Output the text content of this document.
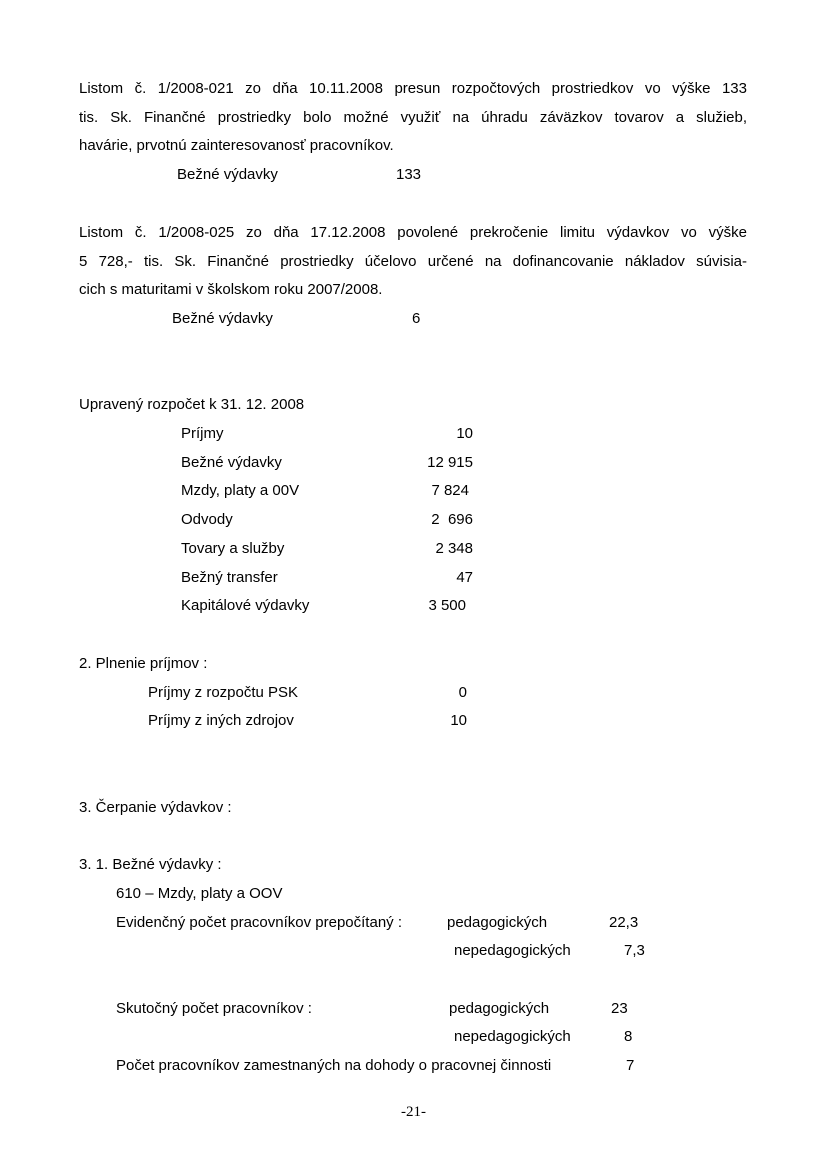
Listom č. 1/2008-021 zo dňa 10.11.2008 presun rozpočtových prostriedkov vo výške 133
tis. Sk. Finančné prostriedky bolo možné využiť na úhradu záväzkov tovarov a služieb,
havárie, prvotnú zainteresovanosť pracovníkov.
Bežné výdavky	133
Listom č. 1/2008-025 zo dňa 17.12.2008 povolené prekročenie limitu výdavkov vo výške
5 728,- tis. Sk. Finančné prostriedky účelovo určené na dofinancovanie nákladov súvisia-
cich s maturitami v školskom roku 2007/2008.
Bežné výdavky	6
Upravený rozpočet k 31. 12. 2008
Príjmy	10
Bežné výdavky	12 915
Mzdy, platy a 00V	7 824
Odvody	2  696
Tovary a služby	2 348
Bežný transfer	47
Kapitálové výdavky	3 500
2. Plnenie príjmov :
Príjmy z rozpočtu PSK	0
Príjmy z iných zdrojov	10
3. Čerpanie výdavkov :
3. 1. Bežné výdavky :
610 – Mzdy, platy a OOV
Evidenčný počet pracovníkov prepočítaný :	pedagogických	22,3
nepedagogických	7,3
Skutočný počet pracovníkov :	pedagogických	23
nepedagogických	8
Počet pracovníkov zamestnaných na dohody o pracovnej činnosti	7
-21-
